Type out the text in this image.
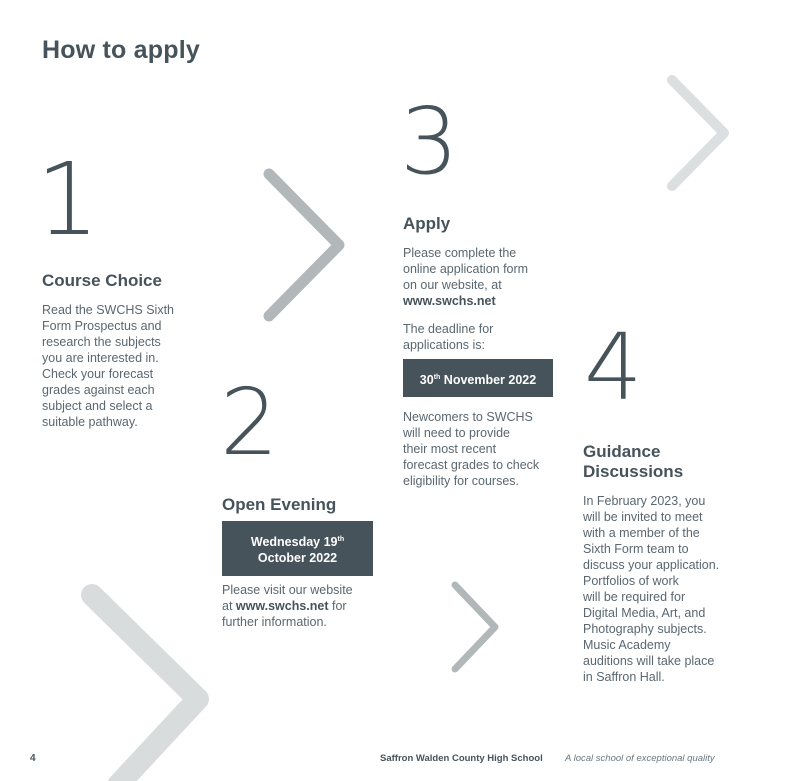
How to apply
1
Course Choice

Read the SWCHS Sixth

Form Prospectus and

research the subjects

you are interested in.

Check your forecast

grades against each

subject and select a

suitable pathway. 2
Open Evening
Wednesday 19th
October 2022

Please visit our website

at www.swchs.net for

further information.

3
Apply

Please complete the

online application form

on our website, at

www.swchs.net

The deadline for

applications is:

30th November 2022

Newcomers to SWCHS

will need to provide

their most recent

forecast grades to check

eligibility for courses.

4
Guidance
Discussions

In February 2023, you

will be invited to meet

with a member of the

Sixth Form team to

discuss your application.

Portfolios of work

will be required for

Digital Media, Art, and

Photography subjects.

Music Academy

auditions will take place

in Saffron Hall.

4	Saffron Walden County High School A local school of exceptional quality
